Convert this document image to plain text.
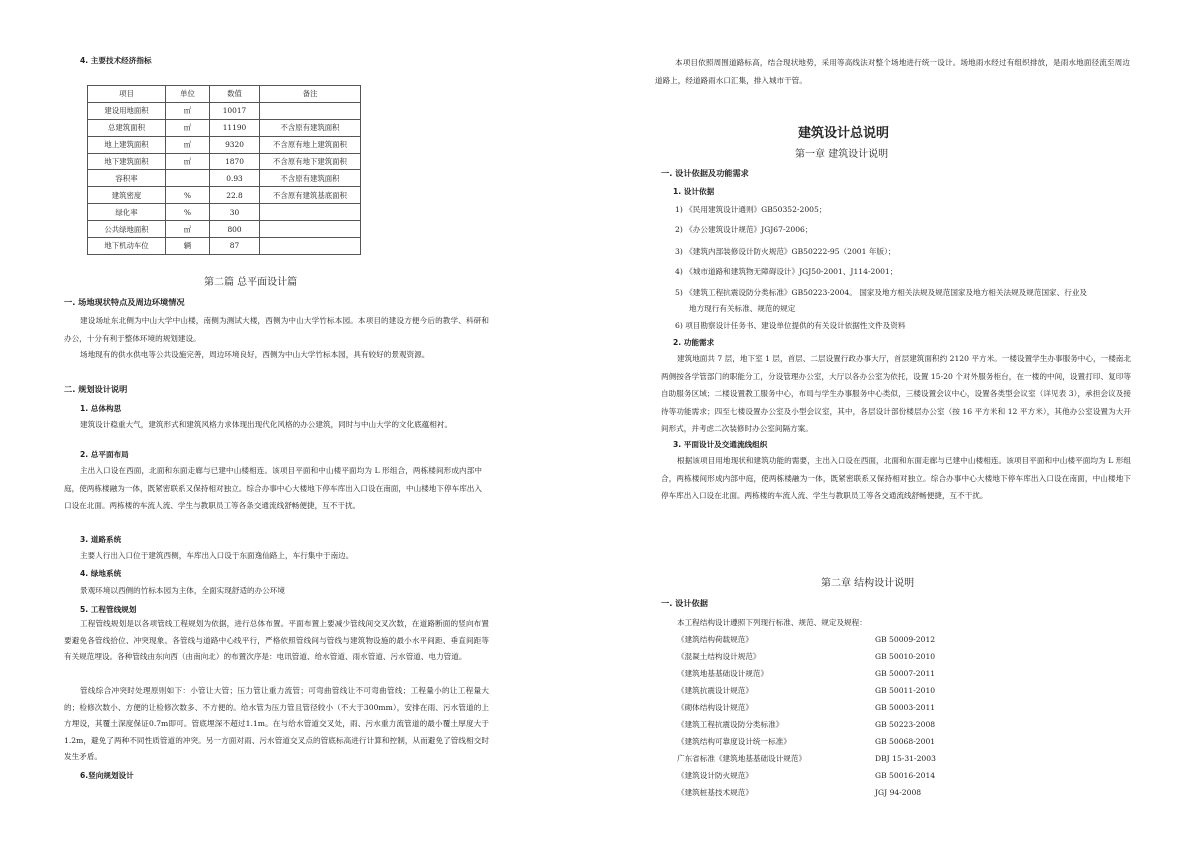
4. 主要技术经济指标
项目	单位	数值	备注
建设用地面积	㎡	10017	
总建筑面积	㎡	11190	不含原有建筑面积
地上建筑面积	㎡	9320	不含原有地上建筑面积
地下建筑面积	㎡	1870	不含原有地下建筑面积
容积率		0.93	不含原有建筑面积
建筑密度	%	22.8	不含原有建筑基底面积
绿化率	%	30	
公共绿地面积	㎡	800	
地下机动车位	辆	87	
第二篇 总平面设计篇
一. 场地现状特点及周边环境情况
建设场址东北侧为中山大学中山楼，南侧为测试大楼，西侧为中山大学竹标本园。本项目的建设方便今后的教学、科研和办公，十分有利于整体环境的规划建设。
场地现有的供水供电等公共设施完善，周边环境良好，西侧为中山大学竹标本园，具有较好的景观资源。
二. 规划设计说明
1. 总体构思
建筑设计稳重大气，建筑形式和建筑风格力求体现出现代化风格的办公建筑，同时与中山大学的文化底蕴相衬。
2. 总平面布局
主出入口设在西面，北面和东面走廊与已建中山楼相连。该项目平面和中山楼平面均为 L 形组合，两栋楼间形成内部中庭，使两栋楼融为一体，既紧密联系又保持相对独立。综合办事中心大楼地下停车库出入口设在南面，中山楼地下停车库出入口设在北面。两栋楼的车流人流、学生与教职员工等各条交通流线舒畅便捷，互不干扰。
3. 道路系统
主要人行出入口位于建筑西侧，车库出入口设于东面逸仙路上，车行集中于南边。
4. 绿地系统
景观环境以西侧的竹标本园为主体，全面实现舒适的办公环境
5. 工程管线规划
工程管线规划是以各项管线工程规划为依据，进行总体布置。平面布置上要减少管线间交叉次数，在道路断面的竖向布置要避免各管线拾位、冲突现象。各管线与道路中心线平行，严格依照管线间与管线与建筑物设施的最小水平间距、垂直间距等有关规范埋设。各种管线由东向西（由南向北）的布置次序是：电讯管道、给水管道、雨水管道、污水管道、电力管道。
管线综合冲突时处理原则如下：小管让大管；压力管让重力流管；可弯曲管线让不可弯曲管线；工程量小的让工程量大的；检修次数小、方便的让检修次数多、不方便的。给水管为压力管且管径较小（不大于300mm），安排在雨、污水管道的上方埋设，其覆土深度保证0.7m即可。管底埋深不超过1.1m。在与给水管道交叉处，雨、污水重力流管道的最小覆土厚度大于1.2m，避免了两种不同性质管道的冲突。另一方面对雨、污水管道交叉点的管底标高进行计算和控制，从而避免了管线相交时发生矛盾。
6.竖向规划设计
本项目依照周围道路标高，结合现状地势，采用等高线法对整个场地进行统一设计。场地雨水经过有组织排放，是雨水地面径流至周边道路上，经道路雨水口汇集，排入城市干管。
建筑设计总说明
第一章 建筑设计说明
一. 设计依据及功能需求
1. 设计依据
1) 《民用建筑设计通则》GB50352-2005；
2) 《办公建筑设计规范》JGJ67-2006；
3) 《建筑内部装修设计防火规范》GB50222-95（2001 年版）；
4) 《城市道路和建筑物无障碍设计》JGJ50-2001、J114-2001；
5) 《建筑工程抗震设防分类标准》GB50223-2004。 国家及地方相关法规及规范国家及地方相关法规及规范国家、行业及
地方现行有关标准、规范的规定
6) 项目勘察设计任务书、建设单位提供的有关设计依据性文件及资料
2. 功能需求
建筑地面共 7 层，地下室 1 层，首层、二层设置行政办事大厅，首层建筑面积约 2120 平方米。一楼设置学生办事服务中心，一楼南北两侧按各学管部门的职能分工，分设管理办公室，大厅以各办公室为依托，设置 15-20 个对外服务柜台，在一楼的中间，设置打印、复印等自助服务区域；二楼设置教工服务中心，布局与学生办事服务中心类似，三楼设置会议中心，设置各类型会议室（详见表 3），承担会议及接待等功能需求；四至七楼设置办公室及小型会议室，其中，各层设计部份楼层办公室（按 16 平方米和 12 平方米），其他办公室设置为大开间形式，并考虑二次装修时办公室间隔方案。
3. 平面设计及交通流线组织
根据该项目用地现状和建筑功能的需要，主出入口设在西面，北面和东面走廊与已建中山楼相连。该项目平面和中山楼平面均为 L 形组合，两栋楼间形成内部中庭，使两栋楼融为一体，既紧密联系又保持相对独立。综合办事中心大楼地下停车库出入口设在南面，中山楼地下停车库出入口设在北面。两栋楼的车流人流、学生与教职员工等各交通流线舒畅便捷，互不干扰。
第二章 结构设计说明
一. 设计依据
本工程结构设计遵照下列现行标准、规范、规定及规程：
《建筑结构荷载规范》	GB 50009-2012
《混凝土结构设计规范》	GB 50010-2010
《建筑地基基础设计规范》	GB 50007-2011
《建筑抗震设计规范》	GB 50011-2010
《砌体结构设计规范》	GB 50003-2011
《建筑工程抗震设防分类标准》	GB 50223-2008
《建筑结构可靠度设计统一标准》	GB 50068-2001
广东省标准《建筑地基基础设计规范》	DBJ 15-31-2003
《建筑设计防火规范》	GB 50016-2014
《建筑桩基技术规范》	JGJ 94-2008
